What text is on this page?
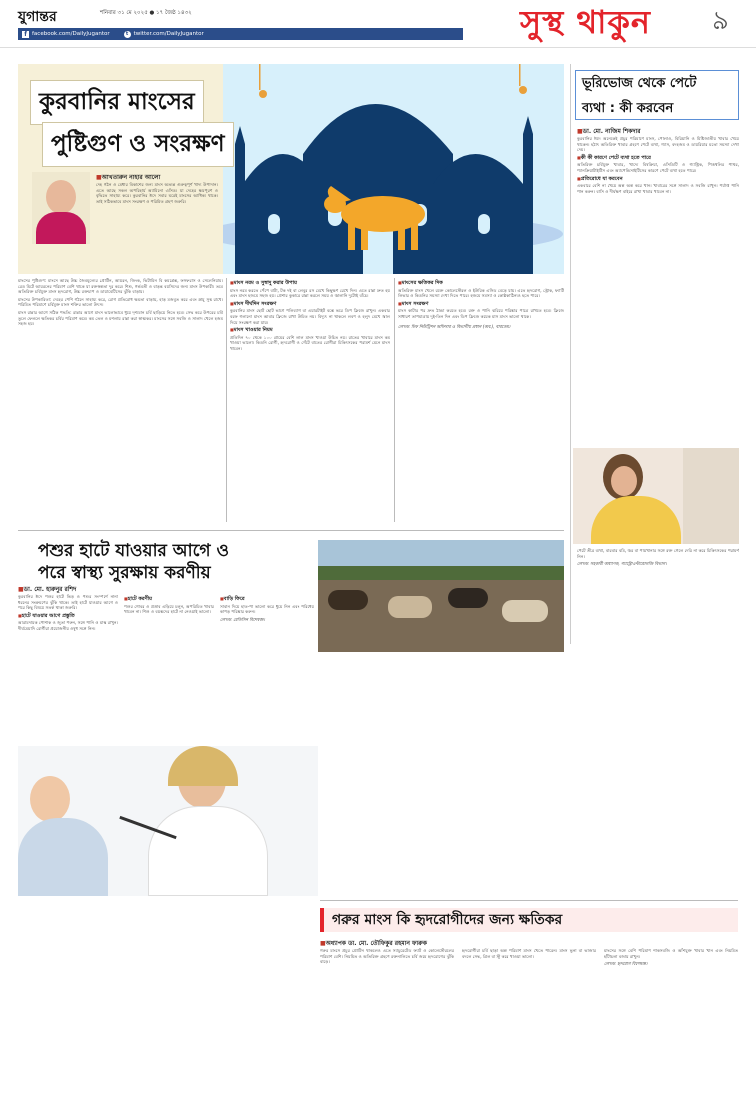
যুগান্তর	শনিবার ৩১ মে ২০২৫ ● ১৭ জৈষ্ঠ ১৪৩২
f facebook.com/DailyJugantor	t twitter.com/DailyJugantor	সুস্থ থাকুন ৯
কুরবানির মাংসের
পুষ্টিগুণ ও সংরক্ষণ
■ আখতারুন নাহার আলো
দেহ গঠন ও মেধার বিকাশের জন্য মাংস অত্যন্ত গুরুত্বপূর্ণ খাদ্য উপাদান। এতে আছে সকল অপরিহার্য অ্যামিনো এসিড। যা দেহের ক্ষয়পূরণ ও বৃদ্ধিতে সাহায্য করে। কুরবানির ঈদে সবার ঘরেই মাংসের আধিক্য থাকে। তাই সঠিকভাবে মাংস সংরক্ষণ ও পরিমিত গ্রহণ জরুরি।

মাংসের পুষ্টিগুণ: মাংসে আছে উচ্চ জৈবমূল্যের প্রোটিন, আয়রন, জিংক, ভিটামিন বি কমপ্লেক্স, ফসফরাস ও সেলেনিয়াম। রেড মিটে আয়রনের পরিমাণ বেশি থাকে যা রক্তস্বল্পতা দূর করে। শিশু, গর্ভবতী ও বাড়ন্ত বয়সিদের জন্য মাংস উপকারী। তবে অতিরিক্ত চর্বিযুক্ত মাংস হৃদরোগ, উচ্চ রক্তচাপ ও ডায়াবেটিসের ঝুঁকি বাড়ায়।

মাংসের উপকারিতা: দেহের পেশি গঠনে সাহায্য করে, রোগ প্রতিরোধ ক্ষমতা বাড়ায়, হাড় মজবুত করে এবং স্নায়ু সুস্থ রাখে। পরিমিত পরিমাণে চর্বিমুক্ত মাংস শক্তির ভালো উৎস।

মাংস রান্নার আগে সঠিক পদ্ধতি: রান্নার আগে মাংস ভালোভাবে ধুয়ে দৃশ্যমান চর্বি ছাড়িয়ে নিতে হবে। সেদ্ধ করে উপরের চর্বি তুলে ফেললে ক্ষতিকর চর্বির পরিমাণ কমে। কম তেল ও মশলায় রান্না করা স্বাস্থ্যকর। মাংসের সঙ্গে সবজি ও সালাদ খেলে হজম সহজ হয়।

■ মাংস নরম ও সুস্বাদু করার উপায়

মাংস নরম করতে পেঁপে বাটা, টক দই বা লেবুর রস মেখে কিছুক্ষণ রেখে দিন। এতে রান্না দ্রুত হয় এবং মাংস হজমে সহজ হয়। প্রেশার কুকারে রান্না করলে সময় ও জ্বালানি দুটোই বাঁচে।

■ মাংস দীর্ঘদিন সংরক্ষণ

কুরবানির মাংস ছোট ছোট ভাগে পলিব্যাগ বা এয়ারটাইট বক্সে ভরে ডিপ ফ্রিজে রাখুন। একবার বরফ গলানো মাংস আবার ফ্রিজে রাখা উচিত নয়। বিদ্যুৎ না থাকলে লবণ ও হলুদ মেখে জ্বাল দিয়ে সংরক্ষণ করা যায়।

■ মাংস খাওয়ার নিয়ম

প্রতিদিন ৭০ থেকে ১০০ গ্রামের বেশি লাল মাংস খাওয়া উচিত নয়। রাতের খাবারে মাংস কম খাওয়া ভালো। কিডনি রোগী, হৃদরোগী ও গেঁটে বাতের রোগীরা চিকিৎসকের পরামর্শ মেনে মাংস খাবেন।

■ মাংসের ক্ষতিকর দিক

অতিরিক্ত মাংস খেলে রক্তে কোলেস্টেরল ও ইউরিক এসিড বেড়ে যায়। এতে হৃদরোগ, স্ট্রোক, ফ্যাটি লিভার ও কিডনির সমস্যা দেখা দিতে পারে। হজমে সমস্যা ও কোষ্ঠকাঠিন্যও হতে পারে।

■ মাংস সংরক্ষণ

মাংস কাটার পর দ্রুত ঠান্ডা করতে হবে। রক্ত ও পানি ঝরিয়ে পরিষ্কার পাত্রে রাখতে হবে। ফ্রিজে সাধারণ তাপমাত্রায় দুই-তিন দিন এবং ডিপ ফ্রিজে কয়েক মাস মাংস ভালো থাকে।

লেখক: চিফ নিউট্রিশন অফিসার ও বিভাগীয় প্রধান (অব.), বারডেম।

ভূরিভোজ থেকে পেটে
ব্যথা : কী করবেন
■ ডা. মো. নাজিম শিকদার

কুরবানির ঈদে অনেকেই প্রচুর পরিমাণে মাংস, পোলাও, বিরিয়ানি ও মিষ্টিজাতীয় খাবার খেয়ে থাকেন। হঠাৎ অতিরিক্ত খাবার গ্রহণে পেটে ব্যথা, গ্যাস, বদহজম ও ডায়রিয়ার মতো সমস্যা দেখা দেয়।

■ কী কী কারণে পেটে ব্যথা হতে পারে

অতিরিক্ত চর্বিযুক্ত খাবার, খাদ্যে বিষক্রিয়া, এসিডিটি ও গ্যাস্ট্রিক, পিত্তথলির পাথর, প্যানক্রিয়াটাইটিস এবং অ্যাপেন্ডিসাইটিসের কারণে পেটে ব্যথা হতে পারে।

■ প্রতিরোধে যা করবেন

একবারে বেশি না খেয়ে অল্প অল্প করে খান। খাবারের সঙ্গে সালাদ ও সবজি রাখুন। পর্যাপ্ত পানি পান করুন। বাসি ও দীর্ঘক্ষণ বাইরে রাখা খাবার খাবেন না।

পেটে তীব্র ব্যথা, বারবার বমি, জ্বর বা পায়খানার সঙ্গে রক্ত গেলে দেরি না করে চিকিৎসকের পরামর্শ নিন।

লেখক: সহকারী অধ্যাপক, গ্যাস্ট্রোএন্টারোলজি বিভাগ।

পশুর হাটে যাওয়ার আগে ও
পরে স্বাস্থ্য সুরক্ষায় করণীয়
■ ডা. মো. হারুনুর রশিদ

কুরবানির ঈদে পশুর হাটে ভিড় ও পশুর সংস্পর্শে নানা ধরনের সংক্রমণের ঝুঁকি থাকে। তাই হাটে যাওয়ার আগে ও পরে কিছু বিষয়ে সতর্ক থাকা জরুরি।

■ হাটে যাওয়ার আগে প্রস্তুতি

আরামদায়ক পোশাক ও জুতা পরুন, সঙ্গে পানি ও মাস্ক রাখুন। দীর্ঘমেয়াদি রোগীরা প্রয়োজনীয় ওষুধ সঙ্গে নিন।

■ হাটে করণীয়

পশুর গোবর ও প্রস্রাব এড়িয়ে চলুন, অপরিচিত খাবার খাবেন না। শিশু ও বয়স্কদের হাটে না নেওয়াই ভালো।

■ বাড়ি ফিরে

সাবান দিয়ে হাত-পা ভালো করে ধুয়ে নিন এবং পরিধেয় কাপড় পরিষ্কার করুন।

লেখক: মেডিসিন বিশেষজ্ঞ।

গরুর মাংস কি হৃদরোগীদের জন্য ক্ষতিকর
■ অধ্যাপক ডা. মো. তৌফিকুর রহমান ফারুক

গরুর মাংসে প্রচুর প্রোটিন থাকলেও এতে স্যাচুরেটেড ফ্যাট ও কোলেস্টেরলের পরিমাণ বেশি। নিয়মিত ও অতিরিক্ত গ্রহণে রক্তনালিতে চর্বি জমে হৃদরোগের ঝুঁকি বাড়ে।

হৃদরোগীরা চর্বি ছাড়া অল্প পরিমাণ মাংস খেতে পারেন। মাংস ভুনা বা ভাজার বদলে সেদ্ধ, গ্রিল বা স্টু করে খাওয়া ভালো।

মাংসের সঙ্গে বেশি পরিমাণ শাকসবজি ও আঁশযুক্ত খাবার খান এবং নিয়মিত হাঁটাচলা বজায় রাখুন।

লেখক: হৃদরোগ বিশেষজ্ঞ।
